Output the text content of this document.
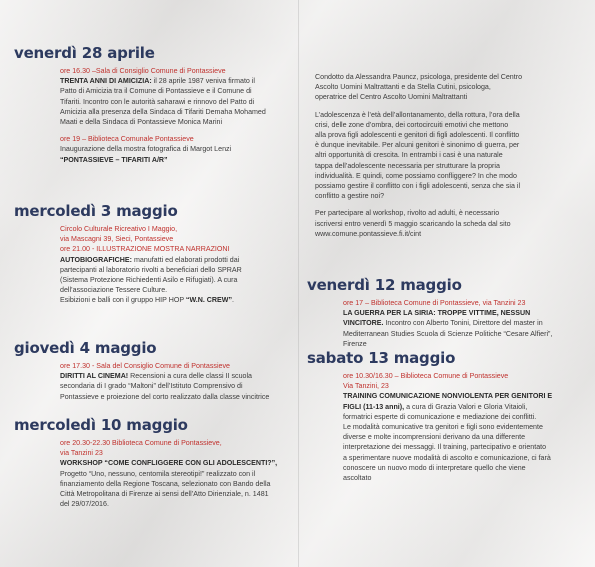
venerdì 28 aprile

ore 16.30 –Sala di Consiglio Comune di Pontassieve

TRENTA ANNI DI AMICIZIA: il 28 aprile 1987 veniva firmato il

Patto di Amicizia tra il Comune di Pontassieve e il Comune di

Tifariti. Incontro con le autorità saharawi e rinnovo del Patto di

Amicizia alla presenza della Sindaca di Tifariti Demaha Mohamed

Maati e della Sindaca di Pontassieve Monica Marini

ore 19 – Biblioteca Comunale Pontassieve

Inaugurazione della mostra fotografica di Margot Lenzi

“PONTASSIEVE – TIFARITI A/R”

mercoledì 3 maggio

Circolo Culturale Ricreativo I Maggio,

via Mascagni 39, Sieci, Pontassieve

ore 21.00 - ILLUSTRAZIONE MOSTRA NARRAZIONI

AUTOBIOGRAFICHE: manufatti ed elaborati prodotti dai

partecipanti al laboratorio rivolti a beneficiari dello SPRAR

(Sistema Protezione Richiedenti Asilo e Rifugiati). A cura

dell’associazione Tessere Culture.

Esibizioni e balli con il gruppo HIP HOP “W.N. CREW”.

giovedì 4 maggio

ore 17.30 - Sala del Consiglio Comune di Pontassieve

DIRITTI AL CINEMA! Recensioni a cura delle classi II scuola

secondaria di I grado “Maltoni” dell’Istituto Comprensivo di

Pontassieve e proiezione del corto realizzato dalla classe vincitrice

mercoledì 10 maggio

ore 20.30-22.30 Biblioteca Comune di Pontassieve,

via Tanzini 23

WORKSHOP “COME CONFLIGGERE CON GLI ADOLESCENTI?”,

Progetto “Uno, nessuno, centomila stereotipi!” realizzato con il

finanziamento della Regione Toscana, selezionato con Bando della

Città Metropolitana di Firenze ai sensi dell’Atto Dirienziale, n. 1481

del 29/07/2016.

Condotto da Alessandra Pauncz, psicologa, presidente del Centro

Ascolto Uomini Maltrattanti e da Stella Cutini, psicologa,

operatrice del Centro Ascolto Uomini Maltrattanti

L’adolescenza è l’età dell’allontanamento, della rottura, l’ora della

crisi, delle zone d’ombra, dei cortocircuiti emotivi che mettono

alla prova figli adolescenti e genitori di figli adolescenti. Il conflitto

è dunque inevitabile. Per alcuni genitori è sinonimo di guerra, per

altri opportunità di crescita. In entrambi i casi è una naturale

tappa dell’adolescente necessaria per strutturare la propria

individualità. E quindi, come possiamo confliggere? In che modo

possiamo gestire il conflitto con i figli adolescenti, senza che sia il

conflitto a gestire noi?

Per partecipare al workshop, rivolto ad adulti, è necessario

iscriversi entro venerdì 5 maggio scaricando la scheda dal sito

www.comune.pontassieve.fi.it/cint

venerdì 12 maggio

ore 17 – Biblioteca Comune di Pontassieve, via Tanzini 23

LA GUERRA PER LA SIRIA: TROPPE VITTIME, NESSUN

VINCITORE. Incontro con Alberto Tonini, Direttore del master in

Mediterranean Studies Scuola di Scienze Politiche “Cesare Alfieri”,

Firenze

sabato 13 maggio

ore 10.30/16.30 – Biblioteca Comune di Pontassieve

Via Tanzini, 23

TRAINING COMUNICAZIONE NONVIOLENTA PER GENITORI E

FIGLI (11-13 anni), a cura di Grazia Valori e Gloria Vitaioli,

formatrici esperte di comunicazione e mediazione dei conflitti.

Le modalità comunicative tra genitori e figli sono evidentemente

diverse e molte incomprensioni derivano da una differente

interpretazione dei messaggi. Il training, partecipativo e orientato

a sperimentare nuove modalità di ascolto e comunicazione, ci farà

conoscere un nuovo modo di interpretare quello che viene

ascoltato
